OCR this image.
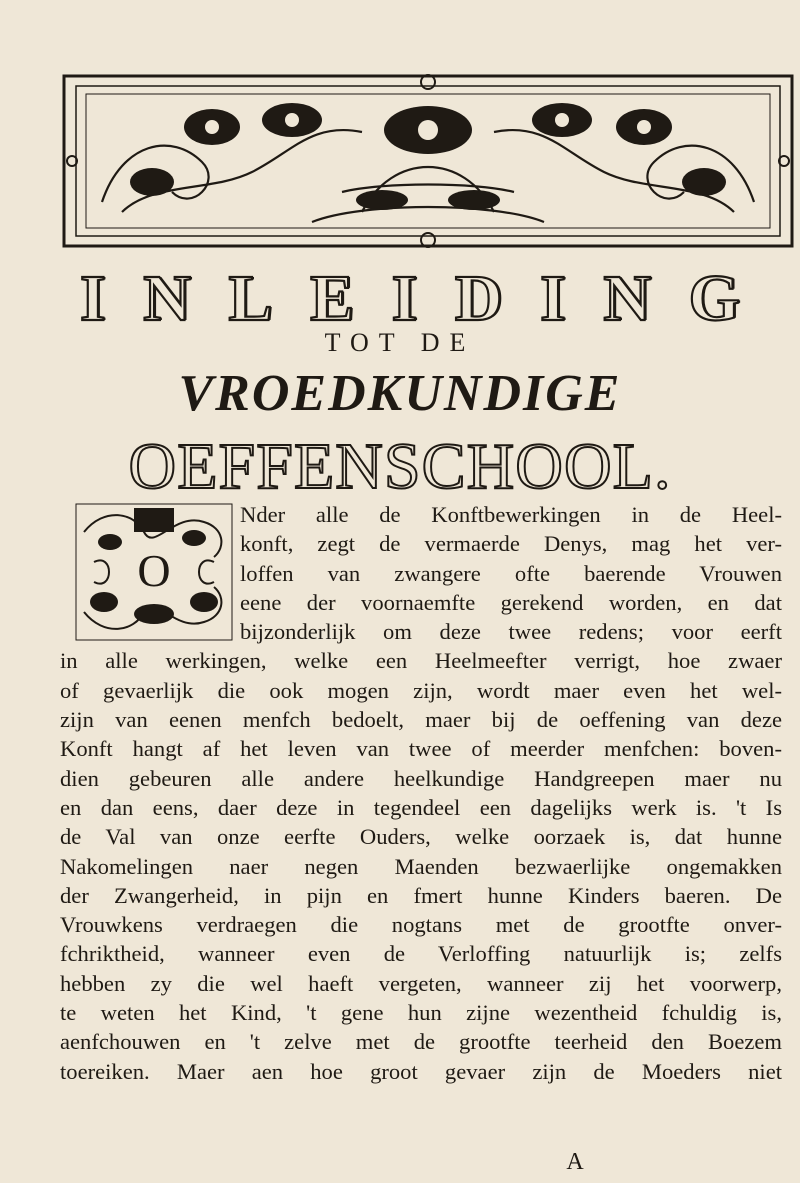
I N L E I D I N G
TOT DE
VROEDKUNDIGE
OEFFENSCHOOL.
O
Nder alle de Konftbewerkingen in de Heel-
konft, zegt de vermaerde Denys, mag het ver-
loffen van zwangere ofte baerende Vrouwen
eene der voornaemfte gerekend worden, en dat
bijzonderlijk om deze twee redens; voor eerft
in alle werkingen, welke een Heelmeefter verrigt, hoe zwaer
of gevaerlijk die ook mogen zijn, wordt maer even het wel-
zijn van eenen menfch bedoelt, maer bij de oeffening van deze
Konft hangt af het leven van twee of meerder menfchen: boven-
dien gebeuren alle andere heelkundige Handgreepen maer nu
en dan eens, daer deze in tegendeel een dagelijks werk is. 't Is
de Val van onze eerfte Ouders, welke oorzaek is, dat hunne
Nakomelingen naer negen Maenden bezwaerlijke ongemakken
der Zwangerheid, in pijn en fmert hunne Kinders baeren. De
Vrouwkens verdraegen die nogtans met de grootfte onver-
fchriktheid, wanneer even de Verloffing natuurlijk is; zelfs
hebben zy die wel haeft vergeten, wanneer zij het voorwerp,
te weten het Kind, 't gene hun zijne wezentheid fchuldig is,
aenfchouwen en 't zelve met de grootfte teerheid den Boezem
toereiken. Maer aen hoe groot gevaer zijn de Moeders niet
A
